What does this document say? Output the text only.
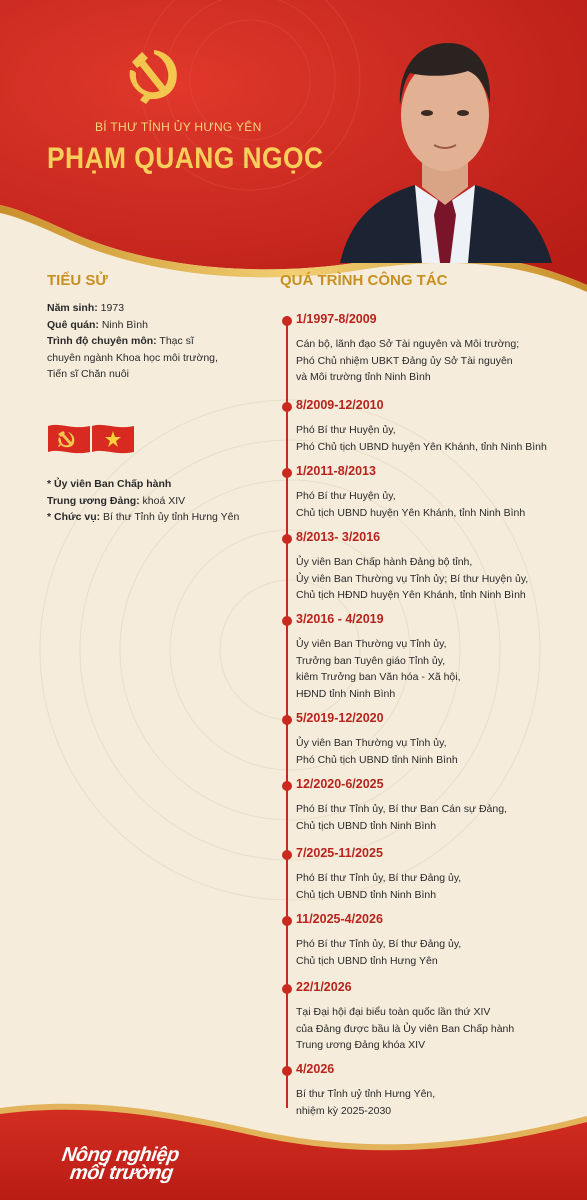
BÍ THƯ TỈNH ỦY HƯNG YÊN
PHẠM QUANG NGỌC
TIỂU SỬ

Năm sinh: 1973

Quê quán: Ninh Bình

Trình độ chuyên môn: Thạc sĩ

chuyên ngành Khoa học môi trường,

Tiến sĩ Chăn nuôi

* Ủy viên Ban Chấp hành

Trung ương Đảng: khoá XIV

* Chức vụ: Bí thư Tỉnh ủy tỉnh Hưng Yên

QUÁ TRÌNH CÔNG TÁC
1/1997-8/2009
Cán bộ, lãnh đạo Sở Tài nguyên và Môi trường;
Phó Chủ nhiệm UBKT Đảng ủy Sở Tài nguyên
và Môi trường tỉnh Ninh Bình
8/2009-12/2010
Phó Bí thư Huyện ủy,
Phó Chủ tịch UBND huyện Yên Khánh, tỉnh Ninh Bình
1/2011-8/2013
Phó Bí thư Huyện ủy,
Chủ tịch UBND huyện Yên Khánh, tỉnh Ninh Bình
8/2013- 3/2016
Ủy viên Ban Chấp hành Đảng bộ tỉnh,
Ủy viên Ban Thường vụ Tỉnh ủy; Bí thư Huyện ủy,
Chủ tịch HĐND huyện Yên Khánh, tỉnh Ninh Bình
3/2016 - 4/2019
Ủy viên Ban Thường vụ Tỉnh ủy,
Trưởng ban Tuyên giáo Tỉnh ủy,
kiêm Trưởng ban Văn hóa - Xã hội,
HĐND tỉnh Ninh Bình
5/2019-12/2020
Ủy viên Ban Thường vụ Tỉnh ủy,
Phó Chủ tịch UBND tỉnh Ninh Bình
12/2020-6/2025
Phó Bí thư Tỉnh ủy, Bí thư Ban Cán sự Đảng,
Chủ tịch UBND tỉnh Ninh Bình
7/2025-11/2025
Phó Bí thư Tỉnh ủy, Bí thư Đảng ủy,
Chủ tịch UBND tỉnh Ninh Bình
11/2025-4/2026
Phó Bí thư Tỉnh ủy, Bí thư Đảng ủy,
Chủ tịch UBND tỉnh Hưng Yên
22/1/2026
Tại Đại hội đại biểu toàn quốc lần thứ XIV
của Đảng được bầu là Ủy viên Ban Chấp hành
Trung ương Đảng khóa XIV
4/2026
Bí thư Tỉnh uỷ tỉnh Hưng Yên,
nhiệm kỳ 2025-2030
Nông nghiệp
môi trường
